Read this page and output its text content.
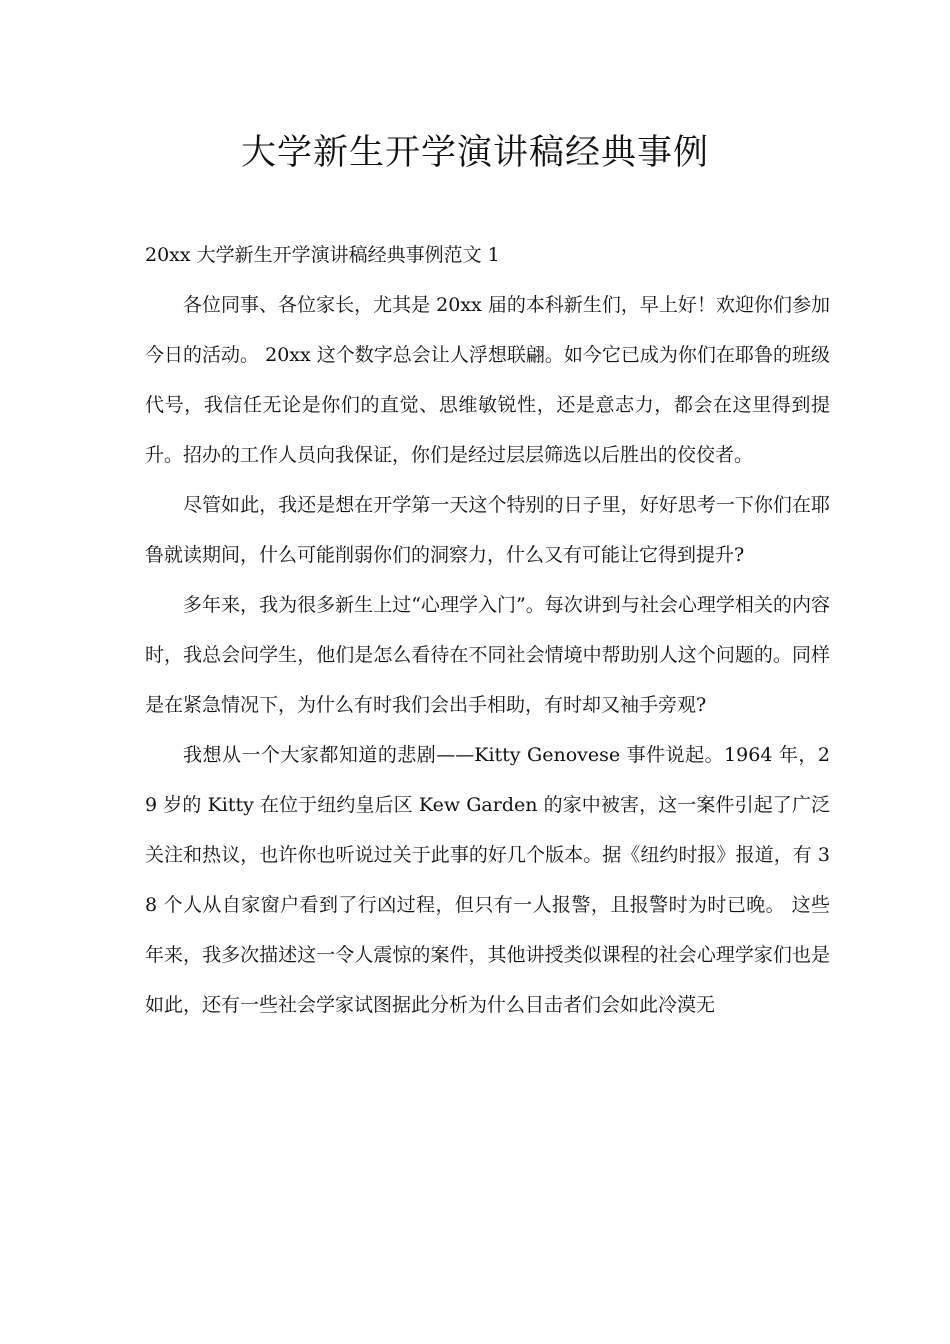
大学新生开学演讲稿经典事例

20xx 大学新生开学演讲稿经典事例范文 1

各位同事、各位家长，尤其是 20xx 届的本科新生们，早上好！欢迎你们参加今日的活动。 20xx 这个数字总会让人浮想联翩。如今它已成为你们在耶鲁的班级代号，我信任无论是你们的直觉、思维敏锐性，还是意志力，都会在这里得到提升。招办的工作人员向我保证，你们是经过层层筛选以后胜出的佼佼者。

尽管如此，我还是想在开学第一天这个特别的日子里，好好思考一下你们在耶鲁就读期间，什么可能削弱你们的洞察力，什么又有可能让它得到提升?

多年来，我为很多新生上过“心理学入门”。每次讲到与社会心理学相关的内容时，我总会问学生，他们是怎么看待在不同社会情境中帮助别人这个问题的。同样是在紧急情况下，为什么有时我们会出手相助，有时却又袖手旁观?

我想从一个大家都知道的悲剧——Kitty Genovese 事件说起。1964 年，29 岁的 Kitty 在位于纽约皇后区 Kew Garden 的家中被害，这一案件引起了广泛关注和热议，也许你也听说过关于此事的好几个版本。据《纽约时报》报道，有 38 个人从自家窗户看到了行凶过程，但只有一人报警，且报警时为时已晚。 这些年来，我多次描述这一令人震惊的案件，其他讲授类似课程的社会心理学家们也是如此，还有一些社会学家试图据此分析为什么目击者们会如此冷漠无
